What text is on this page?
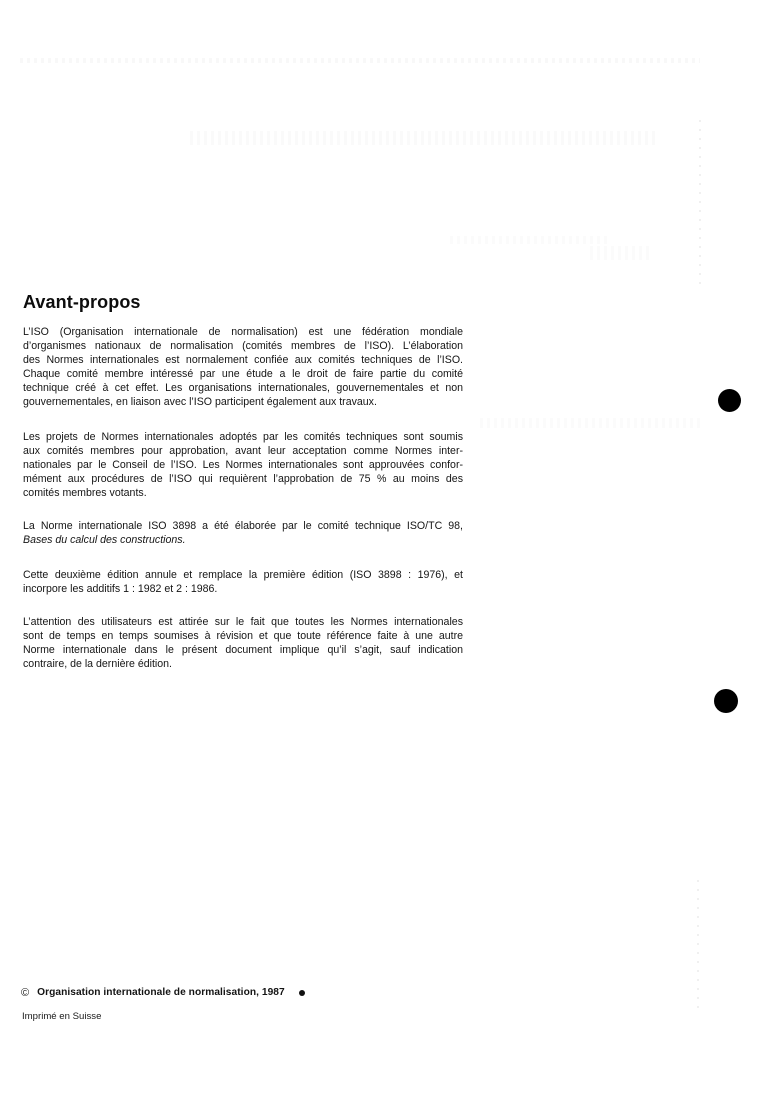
Avant-propos

L’ISO (Organisation internationale de normalisation) est une fédération mondiale
d’organismes nationaux de normalisation (comités membres de l’ISO). L’élaboration
des Normes internationales est normalement confiée aux comités techniques de l’ISO.
Chaque comité membre intéressé par une étude a le droit de faire partie du comité
technique créé à cet effet. Les organisations internationales, gouvernementales et non
gouvernementales, en liaison avec l’ISO participent également aux travaux.

Les projets de Normes internationales adoptés par les comités techniques sont soumis
aux comités membres pour approbation, avant leur acceptation comme Normes inter-
nationales par le Conseil de l’ISO. Les Normes internationales sont approuvées confor-
mément aux procédures de l’ISO qui requièrent l’approbation de 75 % au moins des
comités membres votants.

La Norme internationale ISO 3898 a été élaborée par le comité technique ISO/TC 98,
Bases du calcul des constructions.

Cette deuxième édition annule et remplace la première édition (ISO 3898 : 1976), et
incorpore les additifs 1 : 1982 et 2 : 1986.

L’attention des utilisateurs est attirée sur le fait que toutes les Normes internationales
sont de temps en temps soumises à révision et que toute référence faite à une autre
Norme internationale dans le présent document implique qu’il s’agit, sauf indication
contraire, de la dernière édition.

© Organisation internationale de normalisation, 1987
Imprimé en Suisse
